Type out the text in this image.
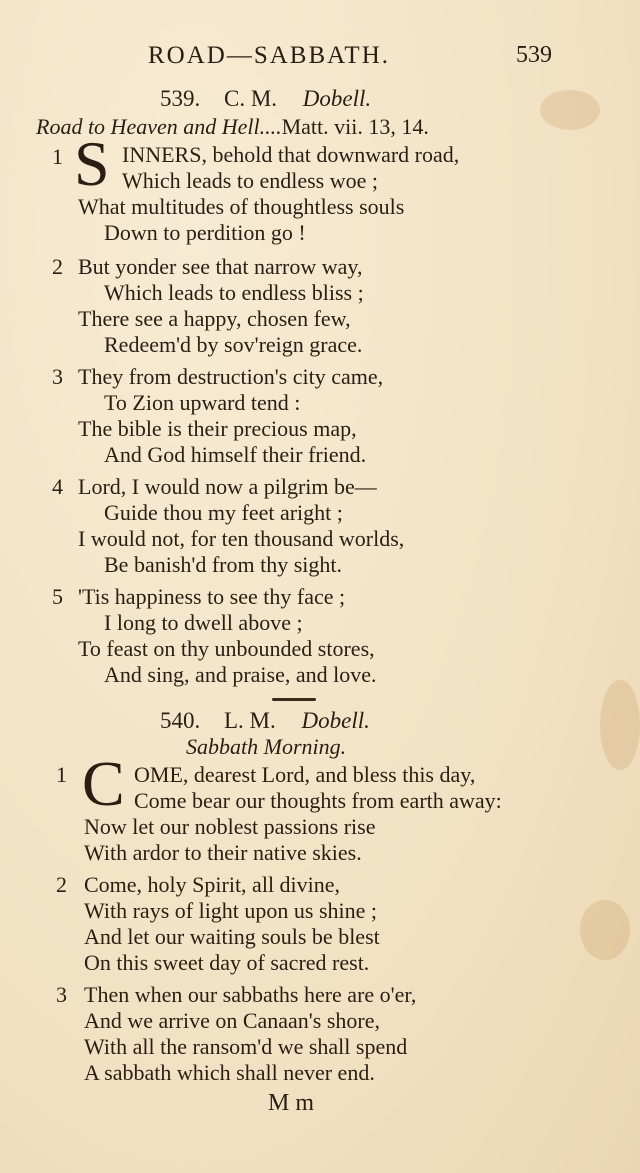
ROAD—SABBATH.	539
539. C. M. Dobell.
Road to Heaven and Hell....Matt. vii. 13, 14.
1 S INNERS, behold that downward road,
Which leads to endless woe ;
What multitudes of thoughtless souls
Down to perdition go !
2 But yonder see that narrow way,
Which leads to endless bliss ;
There see a happy, chosen few,
Redeem'd by sov'reign grace.
3 They from destruction's city came,
To Zion upward tend :
The bible is their precious map,
And God himself their friend.
4 Lord, I would now a pilgrim be—
Guide thou my feet aright ;
I would not, for ten thousand worlds,
Be banish'd from thy sight.
5 'Tis happiness to see thy face ;
I long to dwell above ;
To feast on thy unbounded stores,
And sing, and praise, and love.
540. L. M. Dobell.
Sabbath Morning.
1 C OME, dearest Lord, and bless this day,
Come bear our thoughts from earth away:
Now let our noblest passions rise
With ardor to their native skies.
2 Come, holy Spirit, all divine,
With rays of light upon us shine ;
And let our waiting souls be blest
On this sweet day of sacred rest.
3 Then when our sabbaths here are o'er,
And we arrive on Canaan's shore,
With all the ransom'd we shall spend
A sabbath which shall never end.
M m
